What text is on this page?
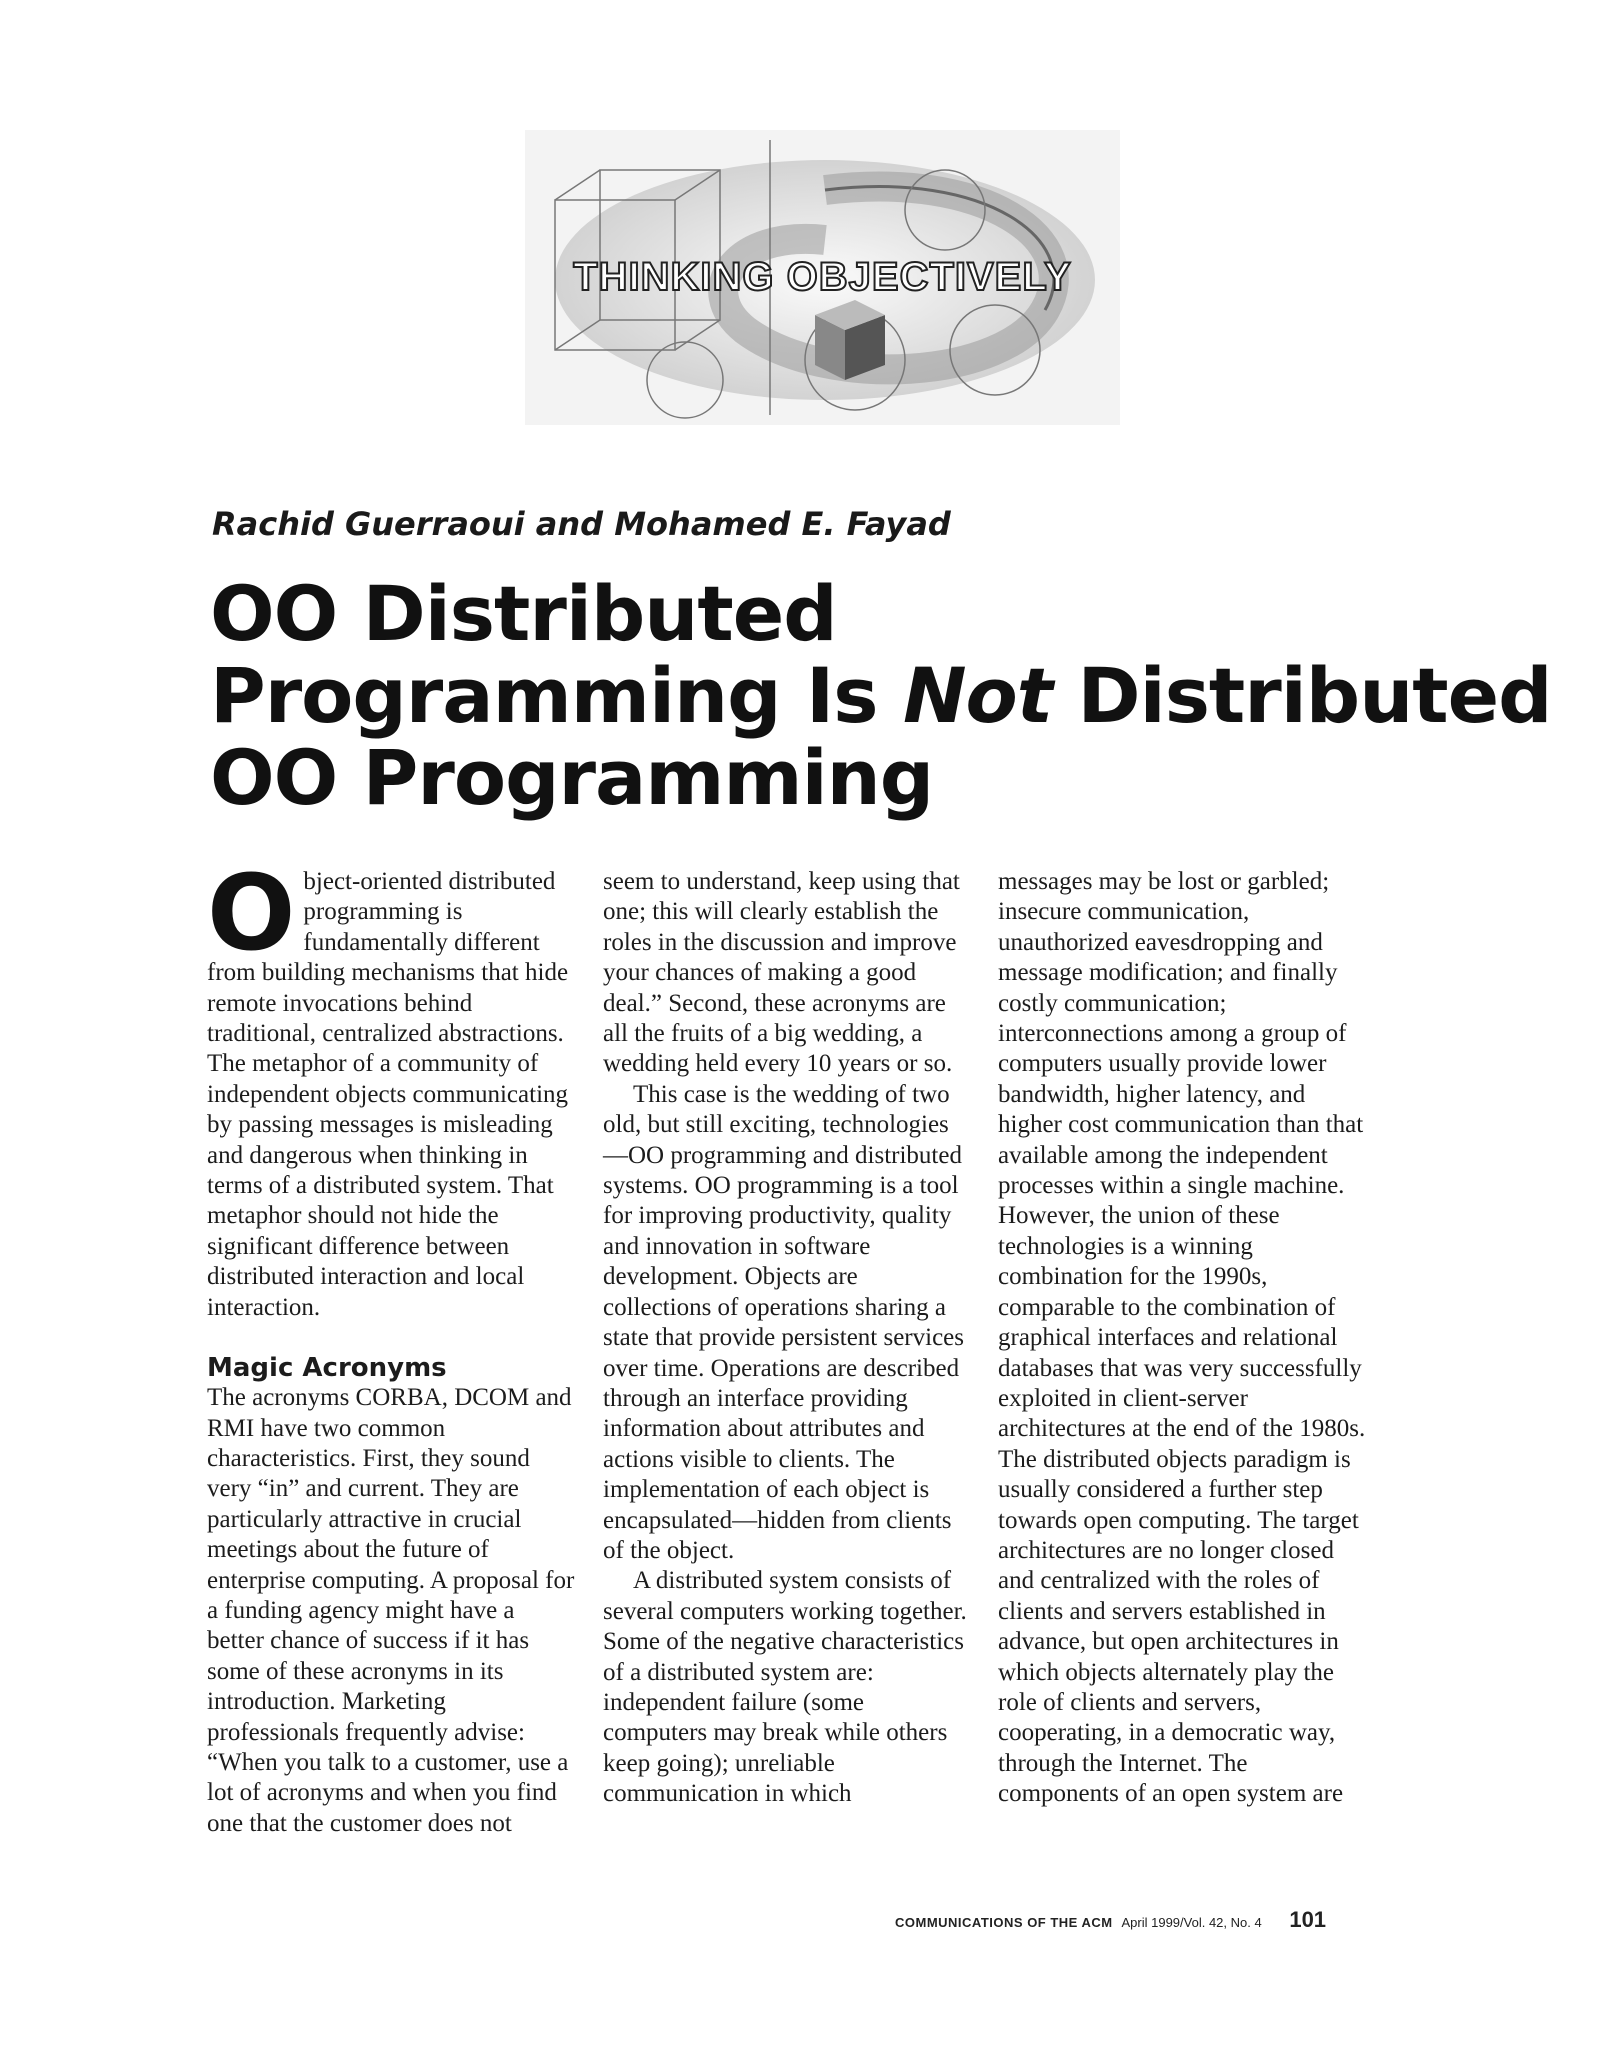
THINKING OBJECTIVELY
Rachid Guerraoui and Mohamed E. Fayad
OO Distributed
Programming Is Not Distributed
OO Programming

Object-oriented distributed programming is fundamentally different from building mechanisms that hide remote invocations behind traditional, centralized abstractions. The metaphor of a community of independent objects communicating by passing messages is misleading and dangerous when thinking in terms of a distributed system. That metaphor should not hide the significant difference between distributed interaction and local interaction.

Magic Acronyms

The acronyms CORBA, DCOM and RMI have two common characteristics. First, they sound very “in” and current. They are particularly attractive in crucial meetings about the future of enterprise computing. A proposal for a funding agency might have a better chance of success if it has some of these acronyms in its introduction. Marketing professionals frequently advise: “When you talk to a customer, use a lot of acronyms and when you find one that the customer does not

seem to understand, keep using that one; this will clearly establish the roles in the discussion and improve your chances of making a good deal.” Second, these acronyms are all the fruits of a big wedding, a wedding held every 10 years or so.

This case is the wedding of two old, but still exciting, technologies—OO programming and distributed systems. OO programming is a tool for improving productivity, quality and innovation in software development. Objects are collections of operations sharing a state that provide persistent services over time. Operations are described through an interface providing information about attributes and actions visible to clients. The implementation of each object is encapsulated—hidden from clients of the object.

A distributed system consists of several computers working together. Some of the negative characteristics of a distributed system are: independent failure (some computers may break while others keep going); unreliable communication in which

messages may be lost or garbled; insecure communication, unauthorized eavesdropping and message modification; and finally costly communication; interconnections among a group of computers usually provide lower bandwidth, higher latency, and higher cost communication than that available among the independent processes within a single machine. However, the union of these technologies is a winning combination for the 1990s, comparable to the combination of graphical interfaces and relational databases that was very successfully exploited in client-server architectures at the end of the 1980s. The distributed objects paradigm is usually considered a further step towards open computing. The target architectures are no longer closed and centralized with the roles of clients and servers established in advance, but open architectures in which objects alternately play the role of clients and servers, cooperating, in a democratic way, through the Internet. The components of an open system are

COMMUNICATIONS OF THE ACM April 1999/Vol. 42, No. 4 101
